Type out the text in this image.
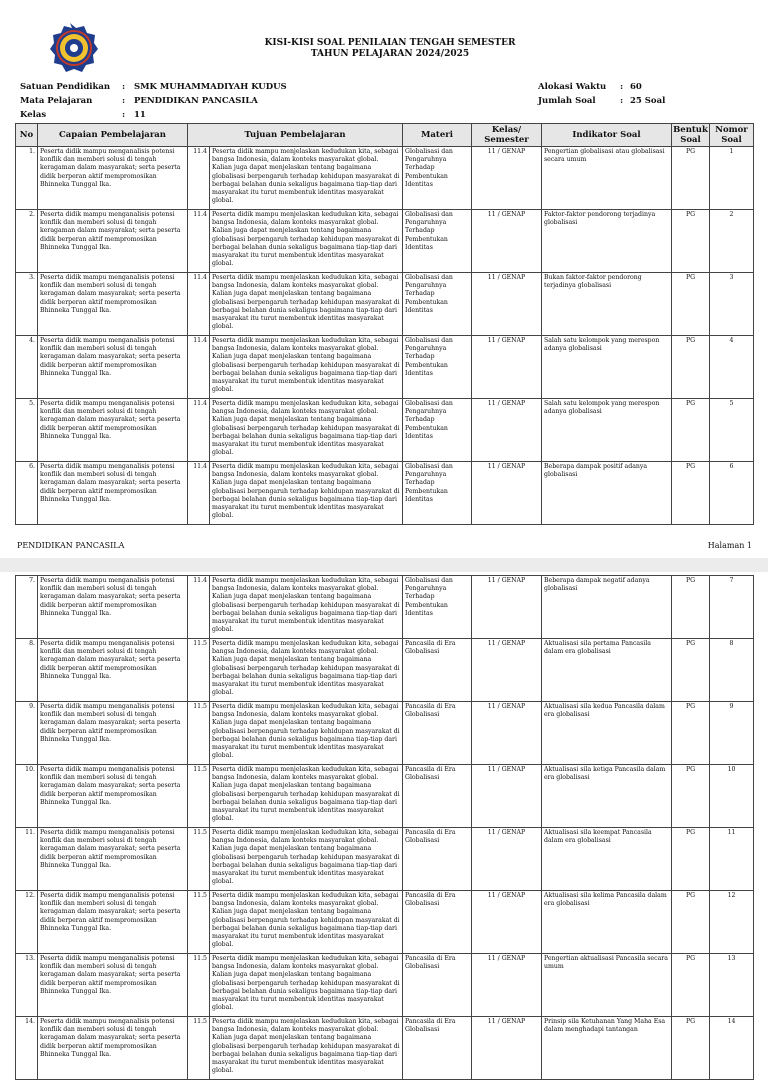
KISI-KISI SOAL PENILAIAN TENGAH SEMESTER
TAHUN PELAJARAN 2024/2025
Satuan Pendidikan	:	SMK MUHAMMADIYAH KUDUS
Mata Pelajaran	:	PENDIDIKAN PANCASILA
Kelas	:	11
Alokasi Waktu	: 60
Jumlah Soal	: 25 Soal
No	Capaian Pembelajaran	Tujuan Pembelajaran		Materi	Kelas/ Semester	Indikator Soal	Bentuk Soal	Nomor Soal
1.	Peserta didik mampu menganalisis potensi konflik dan memberi solusi di tengah keragaman dalam masyarakat; serta peserta didik berperan aktif mempromosikan Bhinneka Tunggal Ika.	11.4	Peserta didik mampu menjelaskan kedudukan kita, sebagai bangsa Indonesia, dalam konteks masyarakat global. Kalian juga dapat menjelaskan tentang bagaimana globalisasi berpengaruh terhadap kehidupan masyarakat di berbagai belahan dunia sekaligus bagaimana tiap-tiap dari masyarakat itu turut membentuk identitas masyarakat global.	Globalisasi dan Pengaruhnya Terhadap Pembentukan Identitas	11 / GENAP	Pengertian globalisasi atau globalisasi secara umum	PG	1
2.	Peserta didik mampu menganalisis potensi konflik dan memberi solusi di tengah keragaman dalam masyarakat; serta peserta didik berperan aktif mempromosikan Bhinneka Tunggal Ika.	11.4	Peserta didik mampu menjelaskan kedudukan kita, sebagai bangsa Indonesia, dalam konteks masyarakat global. Kalian juga dapat menjelaskan tentang bagaimana globalisasi berpengaruh terhadap kehidupan masyarakat di berbagai belahan dunia sekaligus bagaimana tiap-tiap dari masyarakat itu turut membentuk identitas masyarakat global.	Globalisasi dan Pengaruhnya Terhadap Pembentukan Identitas	11 / GENAP	Faktor-faktor pendorong terjadinya globalisasi	PG	2
3.	Peserta didik mampu menganalisis potensi konflik dan memberi solusi di tengah keragaman dalam masyarakat; serta peserta didik berperan aktif mempromosikan Bhinneka Tunggal Ika.	11.4	Peserta didik mampu menjelaskan kedudukan kita, sebagai bangsa Indonesia, dalam konteks masyarakat global. Kalian juga dapat menjelaskan tentang bagaimana globalisasi berpengaruh terhadap kehidupan masyarakat di berbagai belahan dunia sekaligus bagaimana tiap-tiap dari masyarakat itu turut membentuk identitas masyarakat global.	Globalisasi dan Pengaruhnya Terhadap Pembentukan Identitas	11 / GENAP	Bukan faktor-faktor pendorong terjadinya globalisasi	PG	3
4.	Peserta didik mampu menganalisis potensi konflik dan memberi solusi di tengah keragaman dalam masyarakat; serta peserta didik berperan aktif mempromosikan Bhinneka Tunggal Ika.	11.4	Peserta didik mampu menjelaskan kedudukan kita, sebagai bangsa Indonesia, dalam konteks masyarakat global. Kalian juga dapat menjelaskan tentang bagaimana globalisasi berpengaruh terhadap kehidupan masyarakat di berbagai belahan dunia sekaligus bagaimana tiap-tiap dari masyarakat itu turut membentuk identitas masyarakat global.	Globalisasi dan Pengaruhnya Terhadap Pembentukan Identitas	11 / GENAP	Salah satu kelompok yang merespon adanya globalisasi	PG	4
5.	Peserta didik mampu menganalisis potensi konflik dan memberi solusi di tengah keragaman dalam masyarakat; serta peserta didik berperan aktif mempromosikan Bhinneka Tunggal Ika.	11.4	Peserta didik mampu menjelaskan kedudukan kita, sebagai bangsa Indonesia, dalam konteks masyarakat global. Kalian juga dapat menjelaskan tentang bagaimana globalisasi berpengaruh terhadap kehidupan masyarakat di berbagai belahan dunia sekaligus bagaimana tiap-tiap dari masyarakat itu turut membentuk identitas masyarakat global.	Globalisasi dan Pengaruhnya Terhadap Pembentukan Identitas	11 / GENAP	Salah satu kelompok yang merespon adanya globalisasi	PG	5
6.	Peserta didik mampu menganalisis potensi konflik dan memberi solusi di tengah keragaman dalam masyarakat; serta peserta didik berperan aktif mempromosikan Bhinneka Tunggal Ika.	11.4	Peserta didik mampu menjelaskan kedudukan kita, sebagai bangsa Indonesia, dalam konteks masyarakat global. Kalian juga dapat menjelaskan tentang bagaimana globalisasi berpengaruh terhadap kehidupan masyarakat di berbagai belahan dunia sekaligus bagaimana tiap-tiap dari masyarakat itu turut membentuk identitas masyarakat global.	Globalisasi dan Pengaruhnya Terhadap Pembentukan Identitas	11 / GENAP	Beberapa dampak positif adanya globalisasi	PG	6
PENDIDIKAN PANCASILA	Halaman 1
7.	Peserta didik mampu menganalisis potensi konflik dan memberi solusi di tengah keragaman dalam masyarakat; serta peserta didik berperan aktif mempromosikan Bhinneka Tunggal Ika.	11.4	Peserta didik mampu menjelaskan kedudukan kita, sebagai bangsa Indonesia, dalam konteks masyarakat global. Kalian juga dapat menjelaskan tentang bagaimana globalisasi berpengaruh terhadap kehidupan masyarakat di berbagai belahan dunia sekaligus bagaimana tiap-tiap dari masyarakat itu turut membentuk identitas masyarakat global.	Globalisasi dan Pengaruhnya Terhadap Pembentukan Identitas	11 / GENAP	Beberapa dampak negatif adanya globalisasi	PG	7
8.	Peserta didik mampu menganalisis potensi konflik dan memberi solusi di tengah keragaman dalam masyarakat; serta peserta didik berperan aktif mempromosikan Bhinneka Tunggal Ika.	11.5	Peserta didik mampu menjelaskan kedudukan kita, sebagai bangsa Indonesia, dalam konteks masyarakat global. Kalian juga dapat menjelaskan tentang bagaimana globalisasi berpengaruh terhadap kehidupan masyarakat di berbagai belahan dunia sekaligus bagaimana tiap-tiap dari masyarakat itu turut membentuk identitas masyarakat global.	Pancasila di Era Globalisasi	11 / GENAP	Aktualisasi sila pertama Pancasila dalam era globalisasi	PG	8
9.	Peserta didik mampu menganalisis potensi konflik dan memberi solusi di tengah keragaman dalam masyarakat; serta peserta didik berperan aktif mempromosikan Bhinneka Tunggal Ika.	11.5	Peserta didik mampu menjelaskan kedudukan kita, sebagai bangsa Indonesia, dalam konteks masyarakat global. Kalian juga dapat menjelaskan tentang bagaimana globalisasi berpengaruh terhadap kehidupan masyarakat di berbagai belahan dunia sekaligus bagaimana tiap-tiap dari masyarakat itu turut membentuk identitas masyarakat global.	Pancasila di Era Globalisasi	11 / GENAP	Aktualisasi sila kedua Pancasila dalam era globalisasi	PG	9
10.	Peserta didik mampu menganalisis potensi konflik dan memberi solusi di tengah keragaman dalam masyarakat; serta peserta didik berperan aktif mempromosikan Bhinneka Tunggal Ika.	11.5	Peserta didik mampu menjelaskan kedudukan kita, sebagai bangsa Indonesia, dalam konteks masyarakat global. Kalian juga dapat menjelaskan tentang bagaimana globalisasi berpengaruh terhadap kehidupan masyarakat di berbagai belahan dunia sekaligus bagaimana tiap-tiap dari masyarakat itu turut membentuk identitas masyarakat global.	Pancasila di Era Globalisasi	11 / GENAP	Aktualisasi sila ketiga Pancasila dalam era globalisasi	PG	10
11.	Peserta didik mampu menganalisis potensi konflik dan memberi solusi di tengah keragaman dalam masyarakat; serta peserta didik berperan aktif mempromosikan Bhinneka Tunggal Ika.	11.5	Peserta didik mampu menjelaskan kedudukan kita, sebagai bangsa Indonesia, dalam konteks masyarakat global. Kalian juga dapat menjelaskan tentang bagaimana globalisasi berpengaruh terhadap kehidupan masyarakat di berbagai belahan dunia sekaligus bagaimana tiap-tiap dari masyarakat itu turut membentuk identitas masyarakat global.	Pancasila di Era Globalisasi	11 / GENAP	Aktualisasi sila keempat Pancasila dalam era globalisasi	PG	11
12.	Peserta didik mampu menganalisis potensi konflik dan memberi solusi di tengah keragaman dalam masyarakat; serta peserta didik berperan aktif mempromosikan Bhinneka Tunggal Ika.	11.5	Peserta didik mampu menjelaskan kedudukan kita, sebagai bangsa Indonesia, dalam konteks masyarakat global. Kalian juga dapat menjelaskan tentang bagaimana globalisasi berpengaruh terhadap kehidupan masyarakat di berbagai belahan dunia sekaligus bagaimana tiap-tiap dari masyarakat itu turut membentuk identitas masyarakat global.	Pancasila di Era Globalisasi	11 / GENAP	Aktualisasi sila kelima Pancasila dalam era globalisasi	PG	12
13.	Peserta didik mampu menganalisis potensi konflik dan memberi solusi di tengah keragaman dalam masyarakat; serta peserta didik berperan aktif mempromosikan Bhinneka Tunggal Ika.	11.5	Peserta didik mampu menjelaskan kedudukan kita, sebagai bangsa Indonesia, dalam konteks masyarakat global. Kalian juga dapat menjelaskan tentang bagaimana globalisasi berpengaruh terhadap kehidupan masyarakat di berbagai belahan dunia sekaligus bagaimana tiap-tiap dari masyarakat itu turut membentuk identitas masyarakat global.	Pancasila di Era Globalisasi	11 / GENAP	Pengertian aktualisasi Pancasila secara umum	PG	13
14.	Peserta didik mampu menganalisis potensi konflik dan memberi solusi di tengah keragaman dalam masyarakat; serta peserta didik berperan aktif mempromosikan Bhinneka Tunggal Ika.	11.5	Peserta didik mampu menjelaskan kedudukan kita, sebagai bangsa Indonesia, dalam konteks masyarakat global. Kalian juga dapat menjelaskan tentang bagaimana globalisasi berpengaruh terhadap kehidupan masyarakat di berbagai belahan dunia sekaligus bagaimana tiap-tiap dari masyarakat itu turut membentuk identitas masyarakat global.	Pancasila di Era Globalisasi	11 / GENAP	Prinsip sila Ketuhanan Yang Maha Esa dalam menghadapi tantangan	PG	14
